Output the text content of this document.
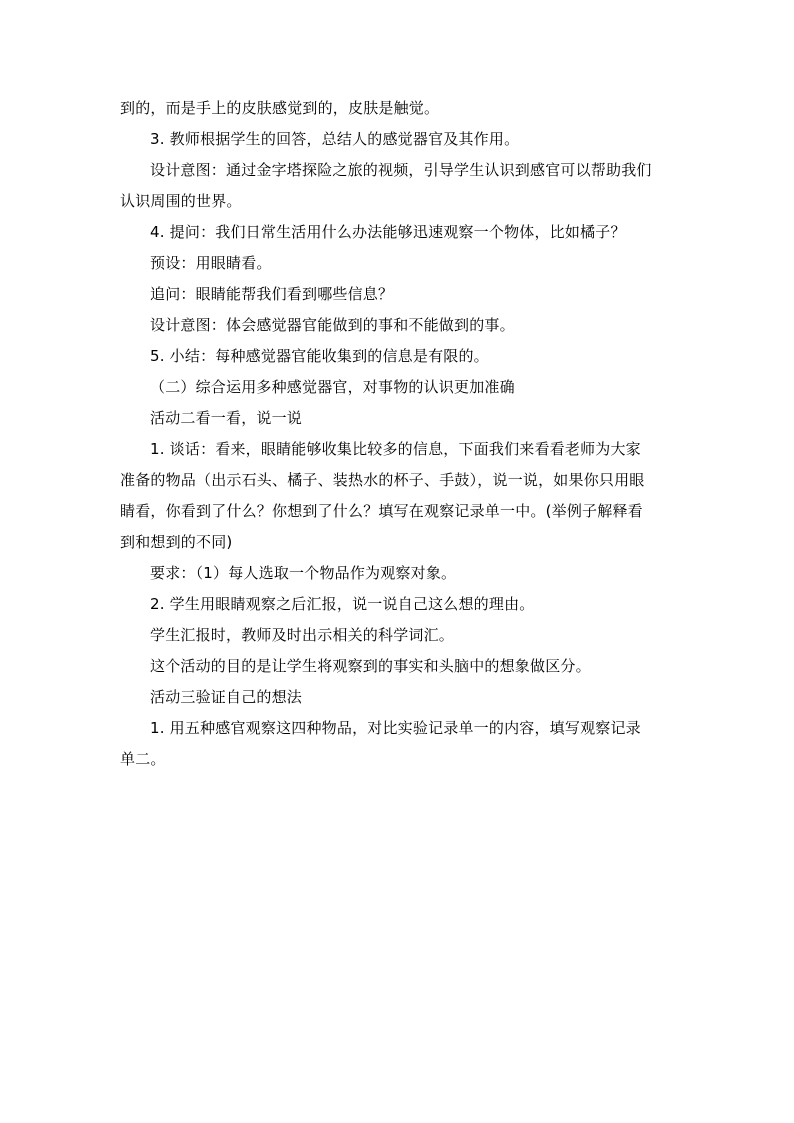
到的，而是手上的皮肤感觉到的，皮肤是触觉。
3. 教师根据学生的回答，总结人的感觉器官及其作用。
设计意图：通过金字塔探险之旅的视频，引导学生认识到感官可以帮助我们
认识周围的世界。
4. 提问：我们日常生活用什么办法能够迅速观察一个物体，比如橘子？
预设：用眼睛看。
追问：眼睛能帮我们看到哪些信息？
设计意图：体会感觉器官能做到的事和不能做到的事。
5. 小结：每种感觉器官能收集到的信息是有限的。
（二）综合运用多种感觉器官，对事物的认识更加准确
活动二看一看，说一说
1. 谈话：看来，眼睛能够收集比较多的信息，下面我们来看看老师为大家
准备的物品（出示石头、橘子、装热水的杯子、手鼓），说一说，如果你只用眼
睛看，你看到了什么？你想到了什么？填写在观察记录单一中。(举例子解释看
到和想到的不同)
要求：（1）每人选取一个物品作为观察对象。
2. 学生用眼睛观察之后汇报，说一说自己这么想的理由。
学生汇报时，教师及时出示相关的科学词汇。
这个活动的目的是让学生将观察到的事实和头脑中的想象做区分。
活动三验证自己的想法
1. 用五种感官观察这四种物品，对比实验记录单一的内容，填写观察记录
单二。
